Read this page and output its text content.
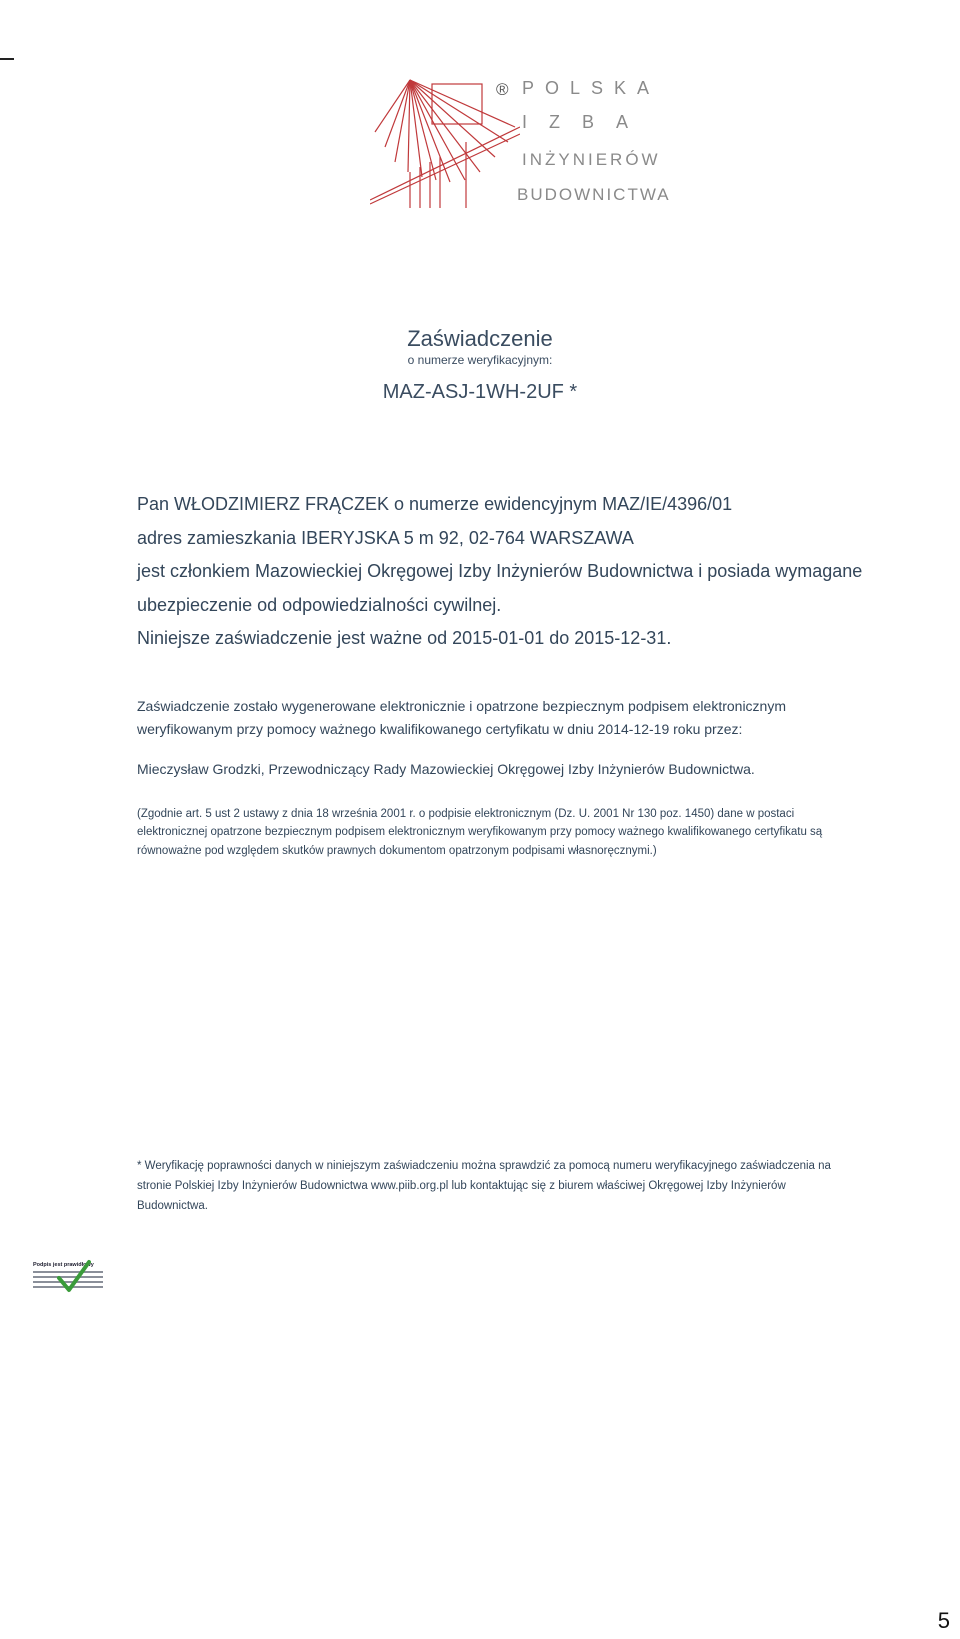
® POLSKA
IZBA
INŻYNIERÓW
BUDOWNICTWA
Zaświadczenie
o numerze weryfikacyjnym:
MAZ-ASJ-1WH-2UF *
Pan WŁODZIMIERZ FRĄCZEK o numerze ewidencyjnym MAZ/IE/4396/01
adres zamieszkania IBERYJSKA 5 m 92, 02-764 WARSZAWA
jest członkiem Mazowieckiej Okręgowej Izby Inżynierów Budownictwa i posiada wymagane
ubezpieczenie od odpowiedzialności cywilnej.
Niniejsze zaświadczenie jest ważne od 2015-01-01 do 2015-12-31.
Zaświadczenie zostało wygenerowane elektronicznie i opatrzone bezpiecznym podpisem elektronicznym
weryfikowanym przy pomocy ważnego kwalifikowanego certyfikatu w dniu 2014-12-19 roku przez:
Mieczysław Grodzki, Przewodniczący Rady Mazowieckiej Okręgowej Izby Inżynierów Budownictwa.
(Zgodnie art. 5 ust 2 ustawy z dnia 18 września 2001 r. o podpisie elektronicznym (Dz. U. 2001 Nr 130 poz. 1450) dane w postaci
elektronicznej opatrzone bezpiecznym podpisem elektronicznym weryfikowanym przy pomocy ważnego kwalifikowanego certyfikatu są
równoważne pod względem skutków prawnych dokumentom opatrzonym podpisami własnoręcznymi.)
* Weryfikację poprawności danych w niniejszym zaświadczeniu można sprawdzić za pomocą numeru weryfikacyjnego zaświadczenia na
stronie Polskiej Izby Inżynierów Budownictwa www.piib.org.pl lub kontaktując się z biurem właściwej Okręgowej Izby Inżynierów
Budownictwa.
Podpis jest prawidłowy
5
